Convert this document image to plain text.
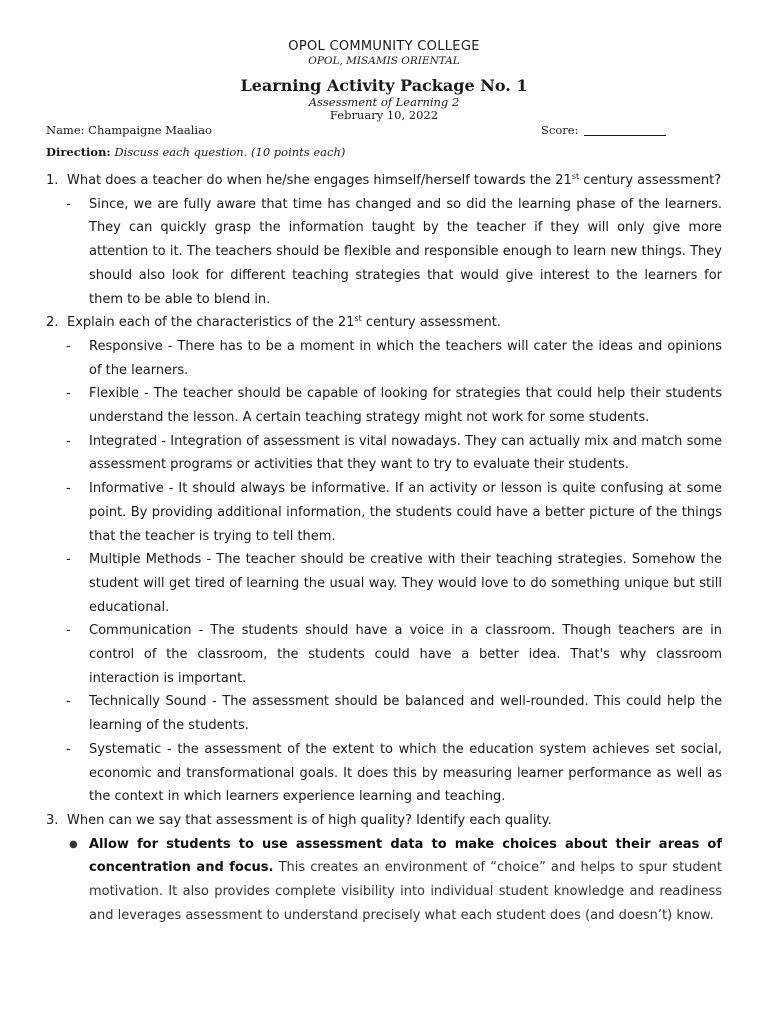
OPOL COMMUNITY COLLEGE
OPOL, MISAMIS ORIENTAL
Learning Activity Package No. 1
Assessment of Learning 2
February 10, 2022
Name: Champaigne Maaliao	Score:
Direction: Discuss each question. (10 points each)
1. What does a teacher do when he/she engages himself/herself towards the 21st century assessment?
- Since, we are fully aware that time has changed and so did the learning phase of the learners. They can quickly grasp the information taught by the teacher if they will only give more attention to it. The teachers should be flexible and responsible enough to learn new things. They should also look for different teaching strategies that would give interest to the learners for them to be able to blend in.
2. Explain each of the characteristics of the 21st century assessment.
- Responsive - There has to be a moment in which the teachers will cater the ideas and opinions of the learners.
- Flexible - The teacher should be capable of looking for strategies that could help their students understand the lesson. A certain teaching strategy might not work for some students.
- Integrated - Integration of assessment is vital nowadays. They can actually mix and match some assessment programs or activities that they want to try to evaluate their students.
- Informative - It should always be informative. If an activity or lesson is quite confusing at some point. By providing additional information, the students could have a better picture of the things that the teacher is trying to tell them.
- Multiple Methods - The teacher should be creative with their teaching strategies. Somehow the student will get tired of learning the usual way. They would love to do something unique but still educational.
- Communication - The students should have a voice in a classroom. Though teachers are in control of the classroom, the students could have a better idea. That's why classroom interaction is important.
- Technically Sound - The assessment should be balanced and well-rounded. This could help the learning of the students.
- Systematic - the assessment of the extent to which the education system achieves set social, economic and transformational goals. It does this by measuring learner performance as well as the context in which learners experience learning and teaching.
3. When can we say that assessment is of high quality? Identify each quality.
● Allow for students to use assessment data to make choices about their areas of concentration and focus. This creates an environment of “choice” and helps to spur student motivation. It also provides complete visibility into individual student knowledge and readiness and leverages assessment to understand precisely what each student does (and doesn’t) know.
